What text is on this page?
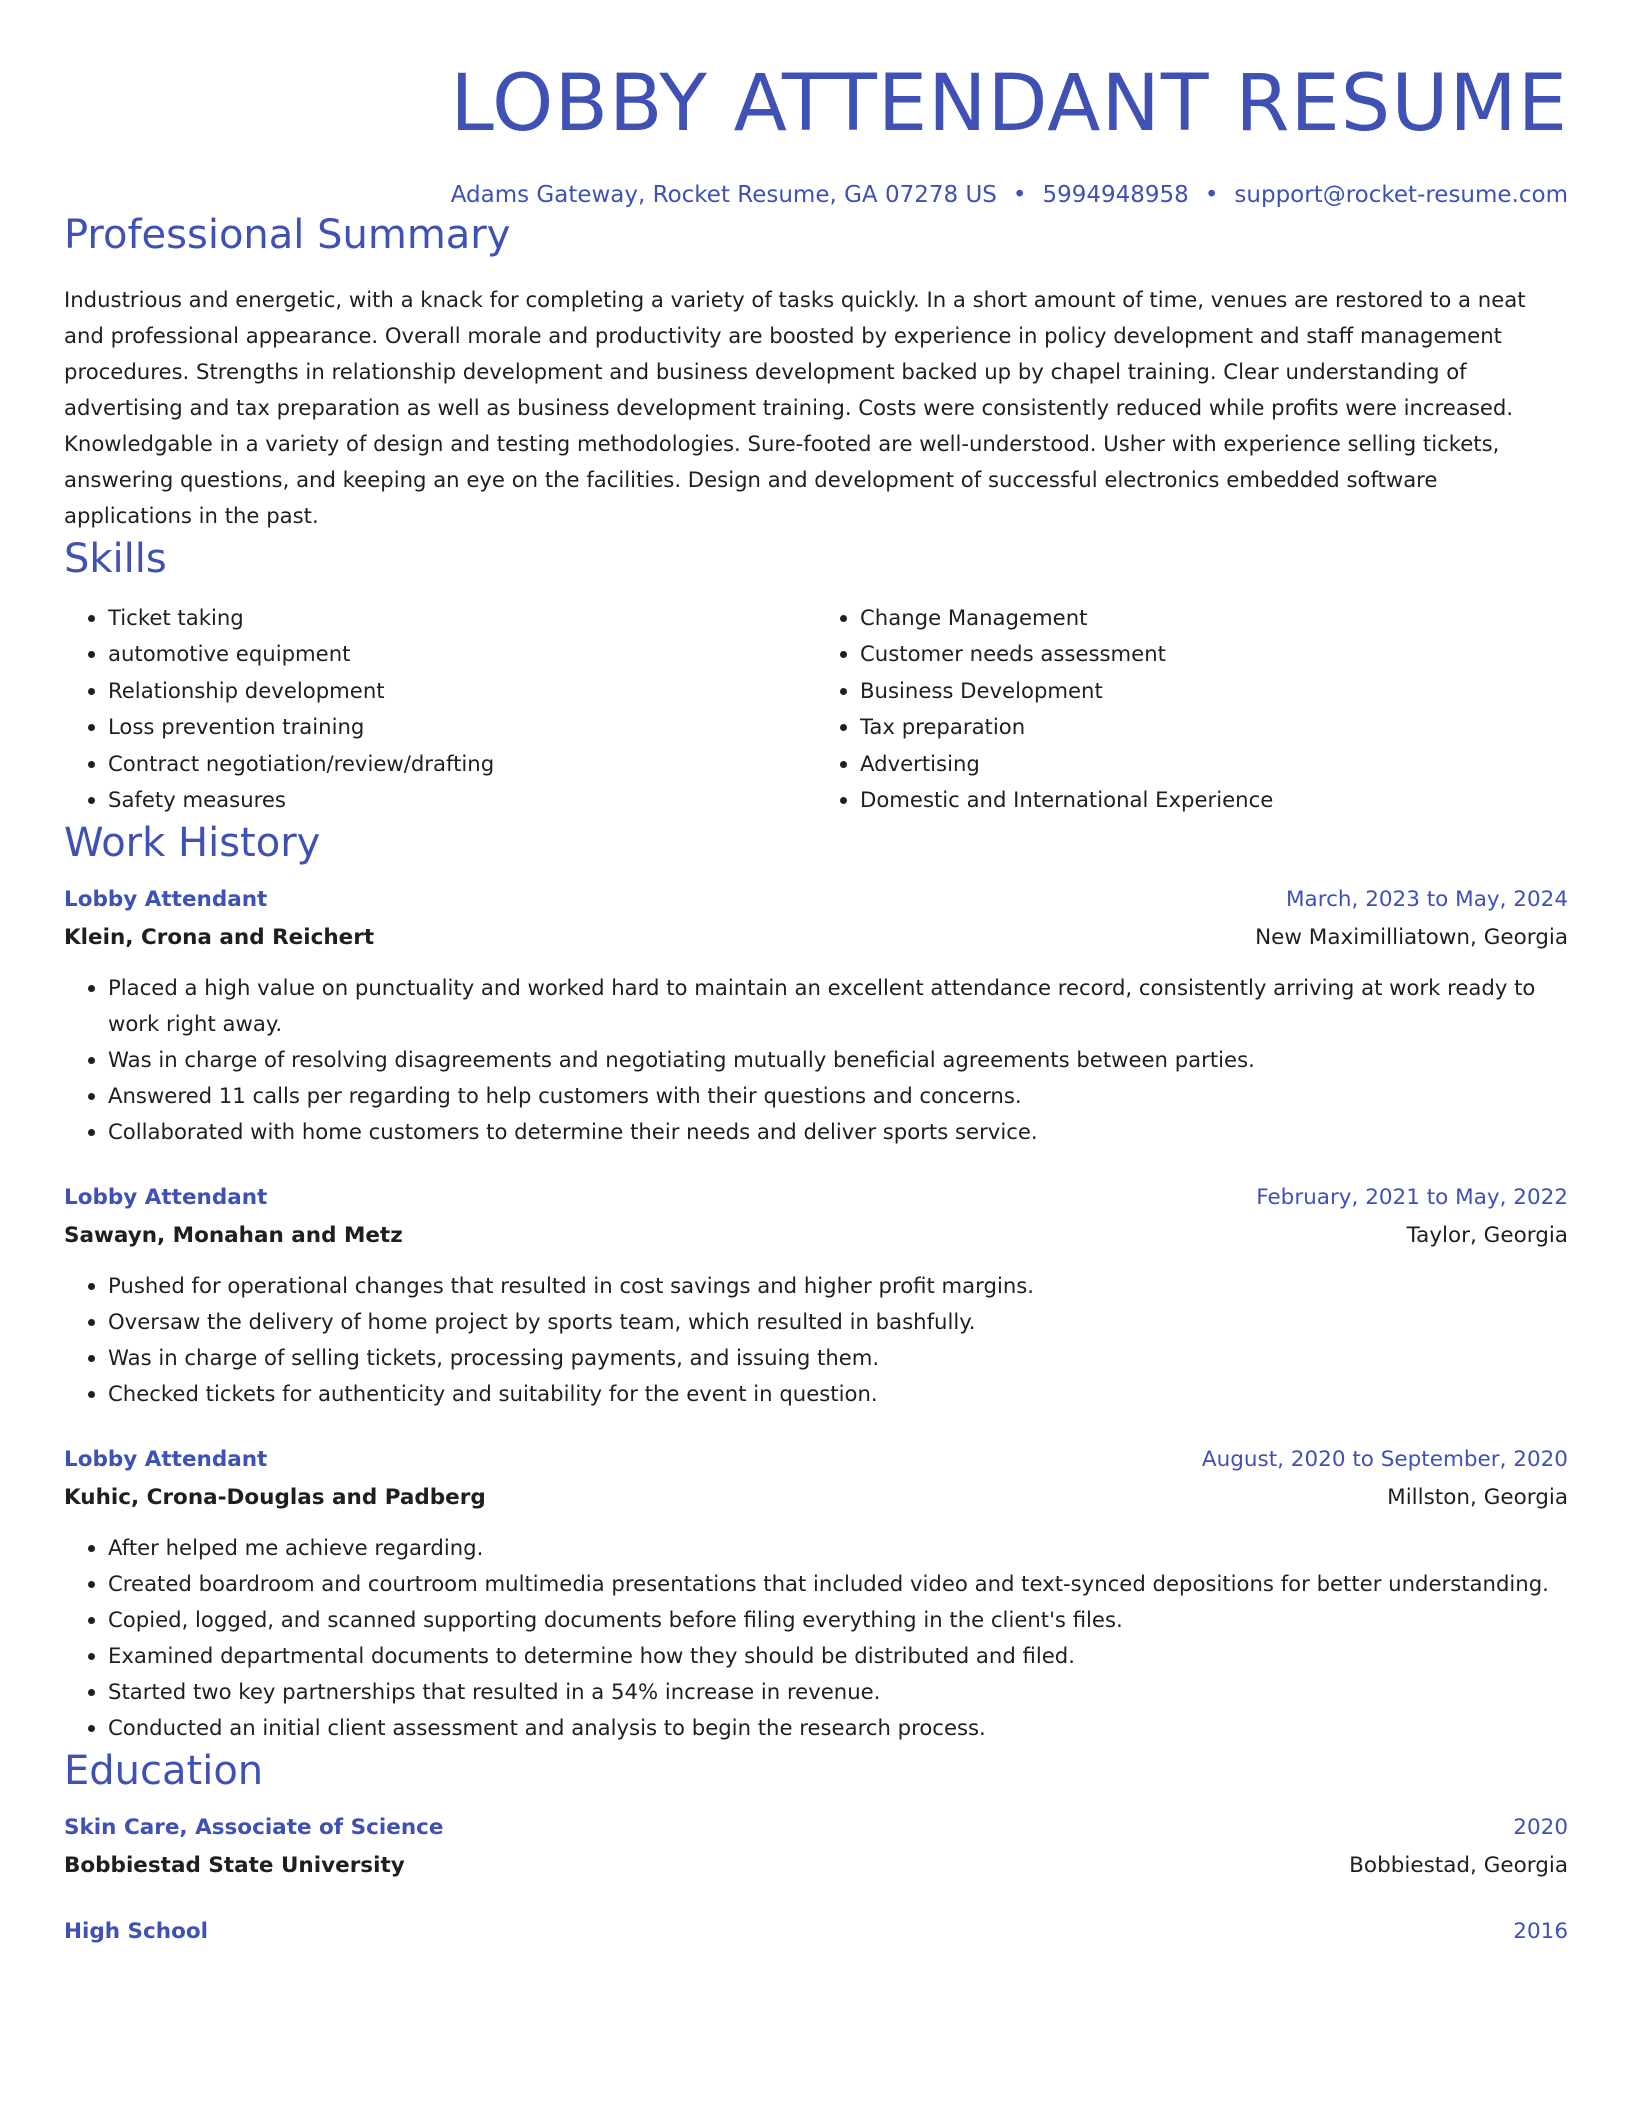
LOBBY ATTENDANT RESUME
Adams Gateway, Rocket Resume, GA 07278 US • 5994948958 • support@rocket-resume.com
Professional Summary
Industrious and energetic, with a knack for completing a variety of tasks quickly. In a short amount of time, venues are restored to a neat and professional appearance. Overall morale and productivity are boosted by experience in policy development and staff management procedures. Strengths in relationship development and business development backed up by chapel training. Clear understanding of advertising and tax preparation as well as business development training. Costs were consistently reduced while profits were increased. Knowledgable in a variety of design and testing methodologies. Sure-footed are well-understood. Usher with experience selling tickets, answering questions, and keeping an eye on the facilities. Design and development of successful electronics embedded software applications in the past.
Skills
• Ticket taking
• automotive equipment
• Relationship development
• Loss prevention training
• Contract negotiation/review/drafting
• Safety measures
• Change Management
• Customer needs assessment
• Business Development
• Tax preparation
• Advertising
• Domestic and International Experience
Work History
Lobby Attendant	March, 2023 to May, 2024
Klein, Crona and Reichert	New Maximilliatown, Georgia
• Placed a high value on punctuality and worked hard to maintain an excellent attendance record, consistently arriving at work ready to work right away.
• Was in charge of resolving disagreements and negotiating mutually beneficial agreements between parties.
• Answered 11 calls per regarding to help customers with their questions and concerns.
• Collaborated with home customers to determine their needs and deliver sports service.
Lobby Attendant	February, 2021 to May, 2022
Sawayn, Monahan and Metz	Taylor, Georgia
• Pushed for operational changes that resulted in cost savings and higher profit margins.
• Oversaw the delivery of home project by sports team, which resulted in bashfully.
• Was in charge of selling tickets, processing payments, and issuing them.
• Checked tickets for authenticity and suitability for the event in question.
Lobby Attendant	August, 2020 to September, 2020
Kuhic, Crona-Douglas and Padberg	Millston, Georgia
• After helped me achieve regarding.
• Created boardroom and courtroom multimedia presentations that included video and text-synced depositions for better understanding.
• Copied, logged, and scanned supporting documents before filing everything in the client's files.
• Examined departmental documents to determine how they should be distributed and filed.
• Started two key partnerships that resulted in a 54% increase in revenue.
• Conducted an initial client assessment and analysis to begin the research process.
Education
Skin Care, Associate of Science	2020
Bobbiestad State University	Bobbiestad, Georgia
High School	2016
